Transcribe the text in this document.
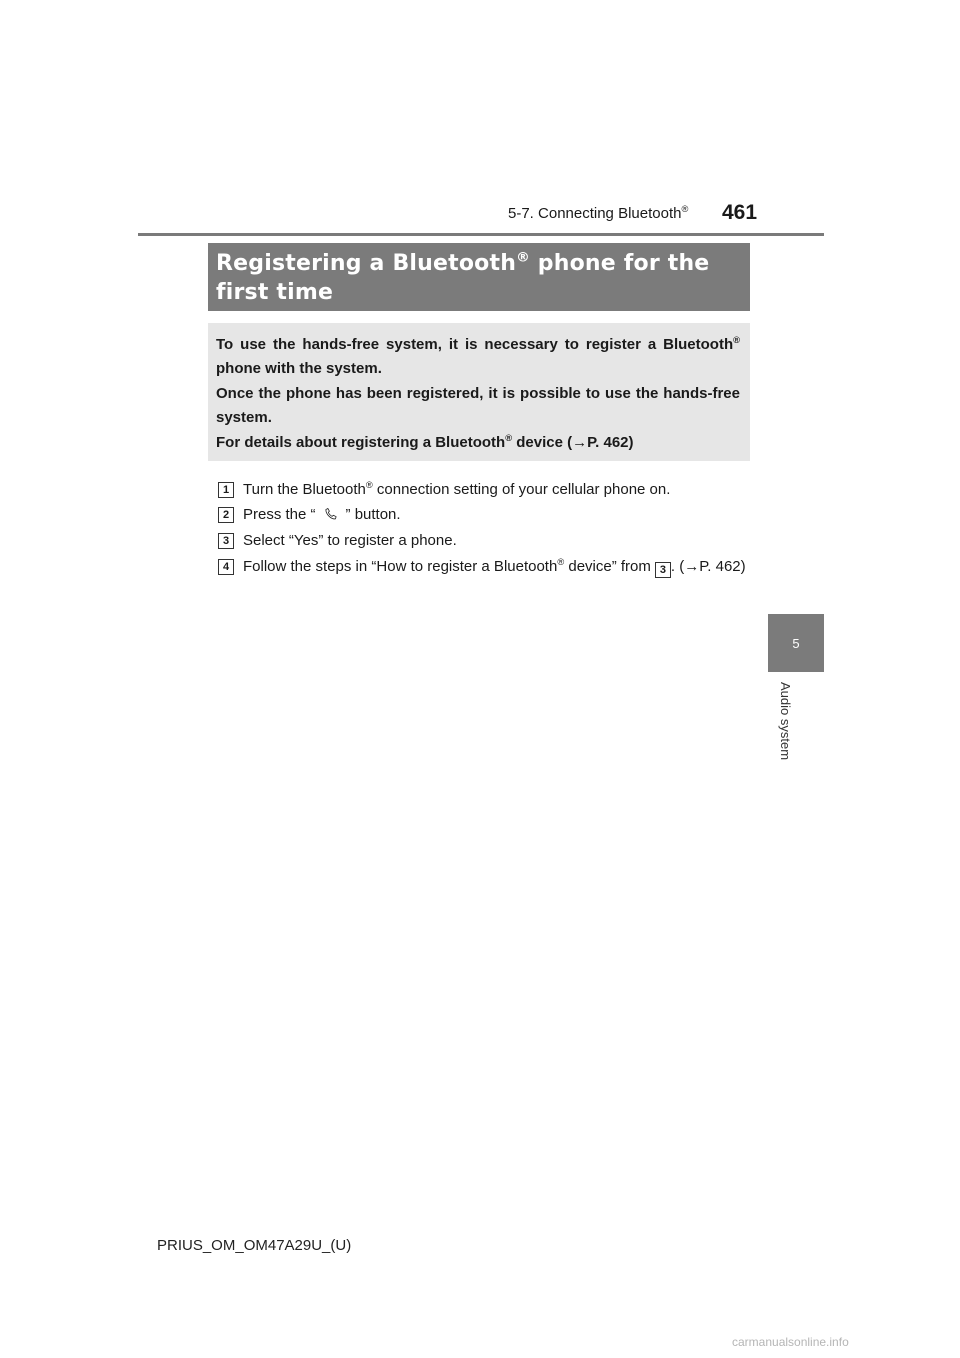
5-7. Connecting Bluetooth® 461
5
Audio system
Registering a Bluetooth® phone for the first time

To use the hands-free system, it is necessary to register a Bluetooth® phone with the system.

Once the phone has been registered, it is possible to use the hands-free system.

For details about registering a Bluetooth® device (→P. 462)

1 Turn the Bluetooth® connection setting of your cellular phone on.
2 Press the “ ” button.
3 Select “Yes” to register a phone.
4 Follow the steps in “How to register a Bluetooth® device” from 3 . (→P. 462)
PRIUS_OM_OM47A29U_(U)
carmanualsonline.info
